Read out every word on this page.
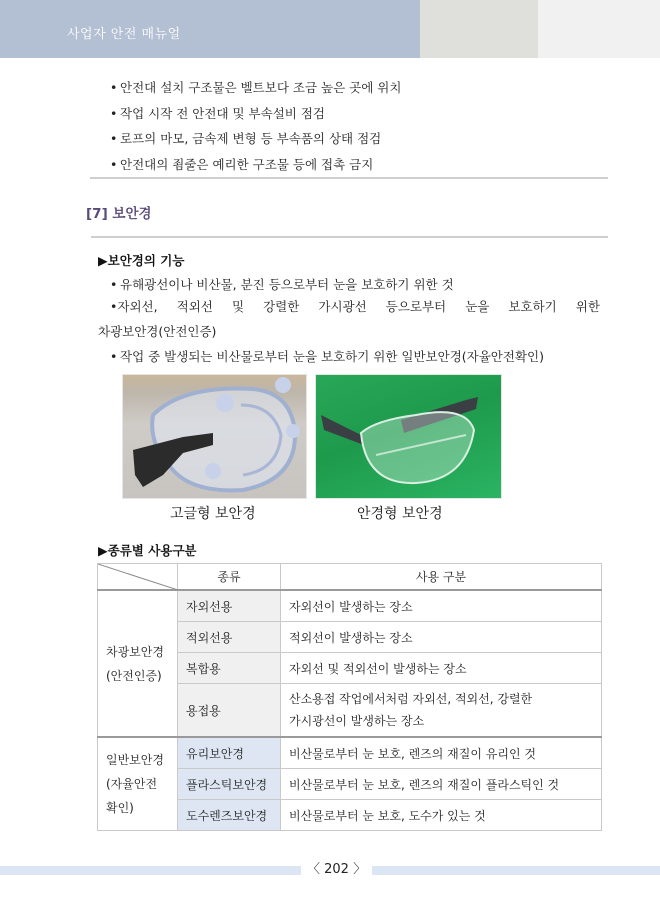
사업자 안전 매뉴얼
• 안전대 설치 구조물은 벨트보다 조금 높은 곳에 위치
• 작업 시작 전 안전대 및 부속설비 점검
• 로프의 마모, 금속제 변형 등 부속품의 상태 점검
• 안전대의 죔줄은 예리한 구조물 등에 접촉 금지
[7] 보안경
▶보안경의 기능
• 유해광선이나 비산물, 분진 등으로부터 눈을 보호하기 위한 것
•자외선, 적외선 및 강렬한 가시광선 등으로부터 눈을 보호하기 위한
차광보안경(안전인증)
• 작업 중 발생되는 비산물로부터 눈을 보호하기 위한 일반보안경(자율안전확인)
고글형 보안경	안경형 보안경
▶종류별 사용구분
	종류	사용 구분

차광보안경
(안전인증)	자외선용	자외선이 발생하는 장소
	적외선용	적외선이 발생하는 장소
	복합용	자외선 및 적외선이 발생하는 장소
	용접용	산소용접 작업에서처럼 자외선, 적외선, 강렬한
가시광선이 발생하는 장소

일반보안경
(자율안전
확인)	유리보안경	비산물로부터 눈 보호, 렌즈의 재질이 유리인 것
	플라스틱보안경	비산물로부터 눈 보호, 렌즈의 재질이 플라스틱인 것
	도수렌즈보안경	비산물로부터 눈 보호, 도수가 있는 것
〈 202 〉
